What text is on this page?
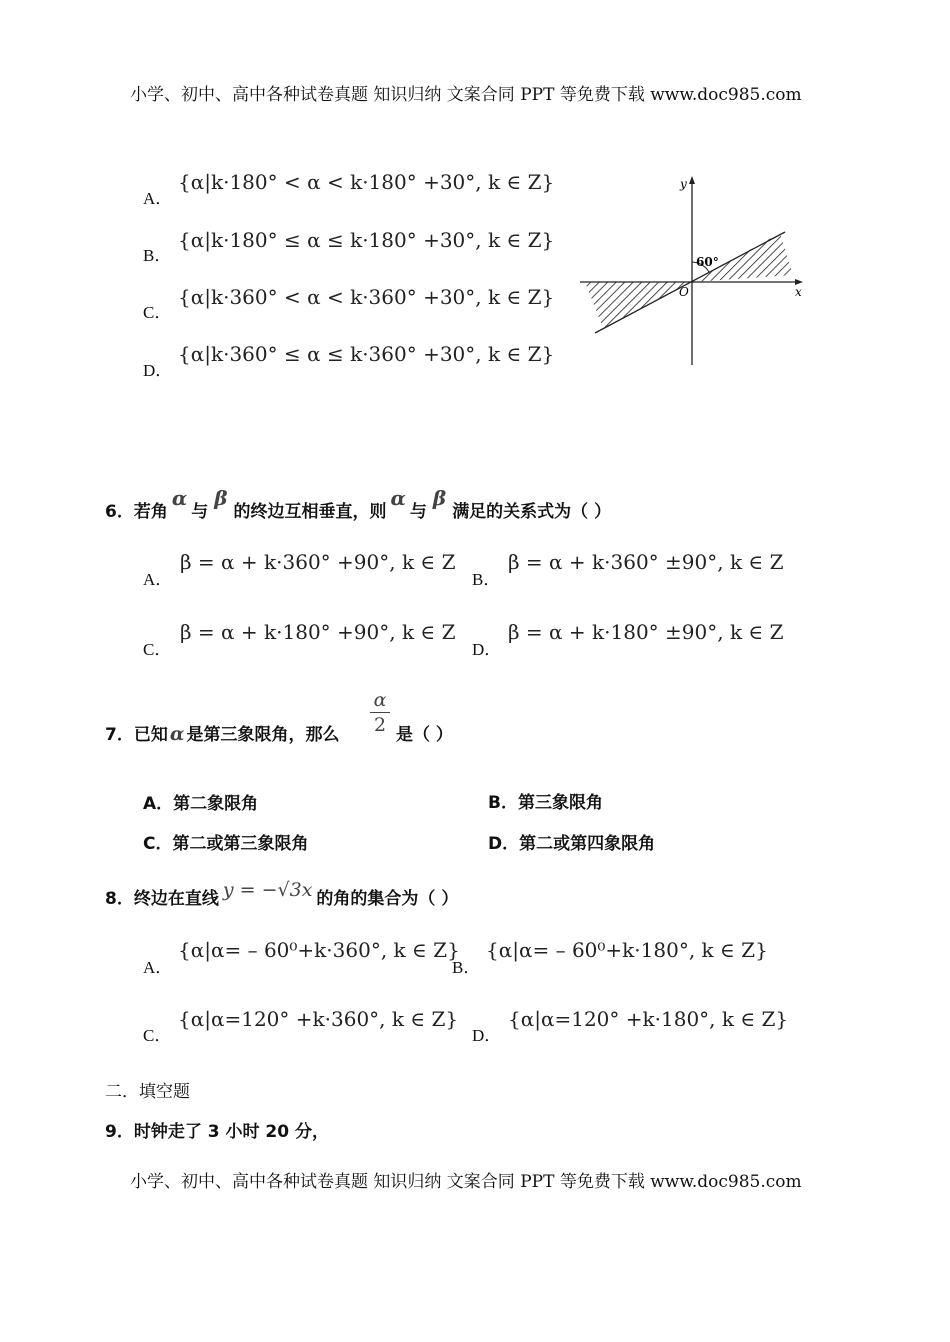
小学、初中、高中各种试卷真题 知识归纳 文案合同 PPT 等免费下载 www.doc985.com
A．
{α|k·180° < α < k·180° +30°, k ∈ Z}
B．
{α|k·180° ≤ α ≤ k·180° +30°, k ∈ Z}
C．
{α|k·360° < α < k·360° +30°, k ∈ Z}
D．
{α|k·360° ≤ α ≤ k·360° +30°, k ∈ Z}
y
x
O
60°
6．若角α与β的终边互相垂直，则α与β满足的关系式为（ ）
A．
β = α + k·360° +90°, k ∈ Z
B．
β = α + k·360° ±90°, k ∈ Z
C．
β = α + k·180° +90°, k ∈ Z
D．
β = α + k·180° ±90°, k ∈ Z
7．已知 α 是第三象限角，那么 $\frac{\alpha}{2}$ 是（ ）
A．第二象限角	B．第三象限角
C．第二或第三象限角	D．第二或第四象限角
8．终边在直线 y = −√3x 的角的集合为（ ）
A．
{α|α= – 60⁰+k·360°, k ∈ Z}
B．
{α|α= – 60⁰+k·180°, k ∈ Z}
C．
{α|α=120° +k·360°, k ∈ Z}
D．
{α|α=120° +k·180°, k ∈ Z}
二．填空题
9．时钟走了 3 小时 20 分，
小学、初中、高中各种试卷真题 知识归纳 文案合同 PPT 等免费下载 www.doc985.com
